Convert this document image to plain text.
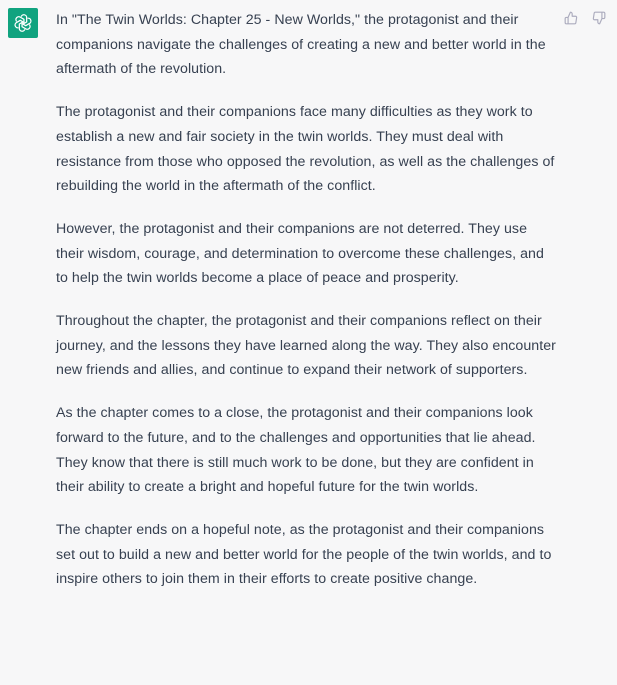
In "The Twin Worlds: Chapter 25 - New Worlds," the protagonist and their companions navigate the challenges of creating a new and better world in the aftermath of the revolution.

The protagonist and their companions face many difficulties as they work to establish a new and fair society in the twin worlds. They must deal with resistance from those who opposed the revolution, as well as the challenges of rebuilding the world in the aftermath of the conflict.

However, the protagonist and their companions are not deterred. They use their wisdom, courage, and determination to overcome these challenges, and to help the twin worlds become a place of peace and prosperity.

Throughout the chapter, the protagonist and their companions reflect on their journey, and the lessons they have learned along the way. They also encounter new friends and allies, and continue to expand their network of supporters.

As the chapter comes to a close, the protagonist and their companions look forward to the future, and to the challenges and opportunities that lie ahead. They know that there is still much work to be done, but they are confident in their ability to create a bright and hopeful future for the twin worlds.

The chapter ends on a hopeful note, as the protagonist and their companions set out to build a new and better world for the people of the twin worlds, and to inspire others to join them in their efforts to create positive change.
